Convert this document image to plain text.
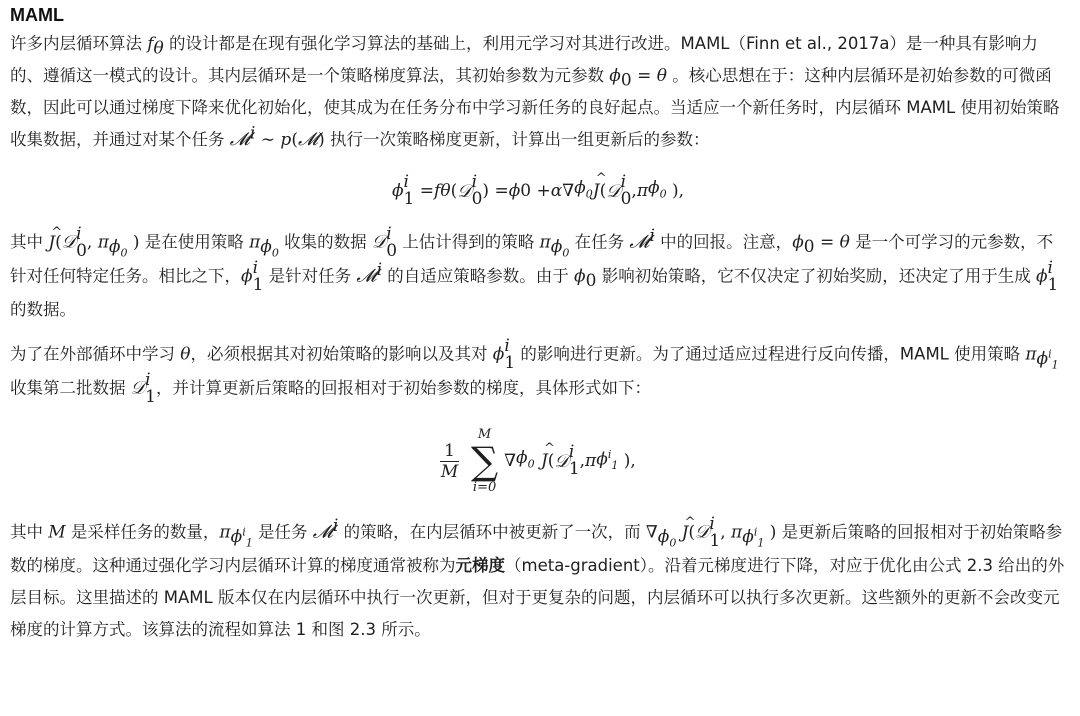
MAML

许多内层循环算法 $f_\theta$ 的设计都是在现有强化学习算法的基础上，利用元学习对其进行改进。MAML（Finn et al., 2017a）是一种具有影响力的、遵循这一模式的设计。其内层循环是一个策略梯度算法，其初始参数为元参数 $\phi_0 = \theta$ 。核心思想在于：这种内层循环是初始参数的可微函数，因此可以通过梯度下降来优化初始化，使其成为在任务分布中学习新任务的良好起点。当适应一个新任务时，内层循环 MAML 使用初始策略收集数据，并通过对某个任务 𝓜$^i$ ∼ p(𝓜) 执行一次策略梯度更新，计算出一组更新后的参数：

ϕ i
1 = f θ ( 𝒟 i
0 ) = ϕ 0 + α ∇ $\phi_0$ ^ J ( 𝒟 i
0 , π $\phi_0$ ),

其中 ^ J(𝒟 i
0 , $\pi_{\phi_0}$ ) 是在使用策略 $\pi_{\phi_0}$ 收集的数据 𝒟 i
0 上估计得到的策略 $\pi_{\phi_0}$ 在任务 𝓜$^i$ 中的回报。注意，$\phi_0 = \theta$ 是一个可学习的元参数，不针对任何特定任务。相比之下，ϕ i
1 是针对任务 𝓜$^i$ 的自适应策略参数。由于 $\phi_0$ 影响初始策略，它不仅决定了初始奖励，还决定了用于生成 ϕ i
1
的数据。

为了在外部循环中学习 θ，必须根据其对初始策略的影响以及其对 ϕ i
1 的影响进行更新。为了通过适应过程进行反向传播，MAML 使用策略 $\pi_{\phi^i_1}$ 收集第二批数据 𝒟 i
1 ，并计算更新后策略的回报相对于初始参数的梯度，具体形式如下：

$\frac{1}{M}$
M
∑
i=0
∇ $\phi_0$
^ J ( 𝒟 i
1 , π $\phi^i_1$ ),

其中 M 是采样任务的数量，$\pi_{\phi^i_1}$ 是任务 𝓜$^i$ 的策略，在内层循环中被更新了一次，而 $\nabla_{\phi_0}$ ^ J(𝒟 i
1 , $\pi_{\phi^i_1}$ ) 是更新后策略的回报相对于初始策略参数的梯度。这种通过强化学习内层循环计算的梯度通常被称为元梯度（meta-gradient）。沿着元梯度进行下降，对应于优化由公式 2.3 给出的外层目标。这里描述的 MAML 版本仅在内层循环中执行一次更新，但对于更复杂的问题，内层循环可以执行多次更新。这些额外的更新不会改变元梯度的计算方式。该算法的流程如算法 1 和图 2.3 所示。
